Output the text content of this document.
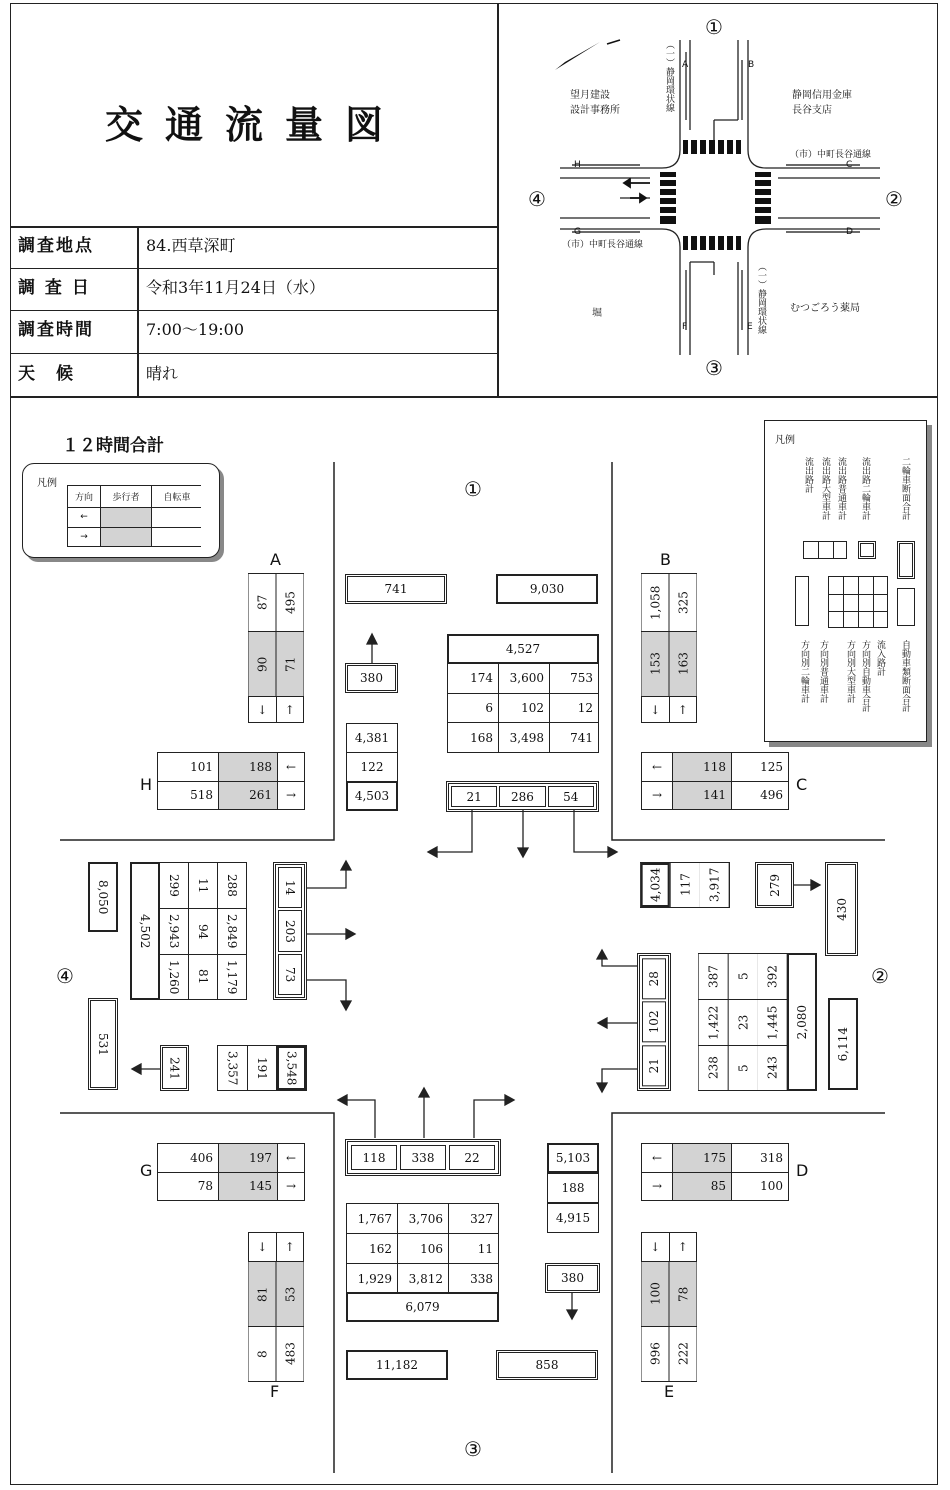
交通流量図
調査地点	84.西草深町
調 査 日	令和3年11月24日（水）
調査時間	7:00～19:00
天　候	晴れ
①
③
④	②
望月建設
設計事務所
静岡信用金庫
長谷支店
むつごろう薬局
堀
（市）中町長谷通線
（市）中町長谷通線
（一）静岡環状線
（一）静岡環状線
A	B
C
D
E
F
G
H
１２時間合計
凡例
方向	歩行者	自転車
←
→
凡例
流出路計 流出路大型車計 流出路普通車計 流出路二輪車計	二輪車断面合計
方向別二輪車計 方向別普通車計 方向別大型車計 方向別自動車合計 流入路計 自動車類断面合計
①
③
④	②
A
87	495
90	71
↓	↑
B
1,058	325
153	163
↓	↑
F
↓	↑
81	53
8	483
E
↓	↑
100	78
996	222
H
101	188	←
518	261	→
C
←	118	125
→	141	496
G
406	197	←
78	145	→
D
←	175	318
→	85	100
741	9,030
380
4,527
174	3,600	753
6	102	12
168	3,498	741
4,381
122
4,503	21	286	54
118	338	22	5,103
188
4,915
1,767	3,706	327
162	106	11
1,929	3,812	338
6,079
380
11,182	858
8,050
531
4,502
299	11	288
2,943	94	2,849
1,260	81	1,179
14
203
73
241	3,357	191	3,548
4,034	117	3,917	279
430
28
102
21
387	5	392
1,422	23	1,445
238	5	243
2,080
6,114
